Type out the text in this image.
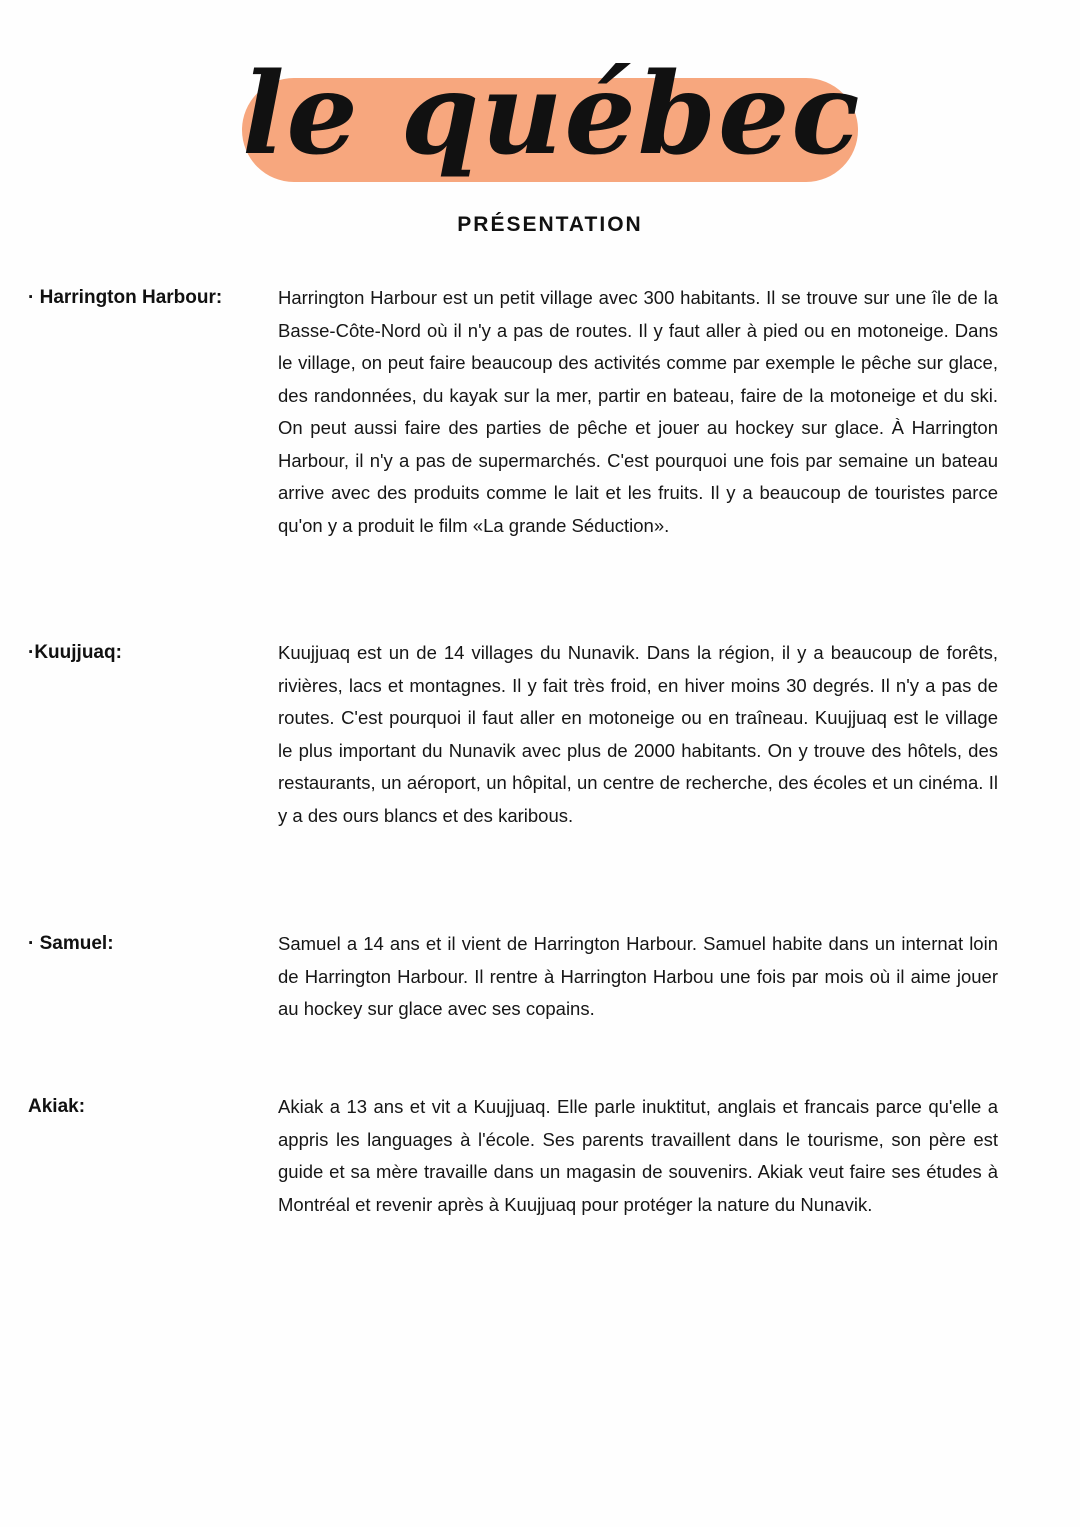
le québec
PRÉSENTATION
· Harrington Harbour:	Harrington Harbour est un petit village avec 300 habitants. Il se trouve sur une île de la Basse-Côte-Nord où il n'y a pas de routes. Il y faut aller à pied ou en motoneige. Dans le village, on peut faire beaucoup des activités comme par exemple le pêche sur glace, des randonnées, du kayak sur la mer, partir en bateau, faire de la motoneige et du ski. On peut aussi faire des parties de pêche et jouer au hockey sur glace. À Harrington Harbour, il n'y a pas de supermarchés. C'est pourquoi une fois par semaine un bateau arrive avec des produits comme le lait et les fruits. Il y a beaucoup de touristes parce qu'on y a produit le film «La grande Séduction».

·Kuujjuaq:	Kuujjuaq est un de 14 villages du Nunavik. Dans la région, il y a beaucoup de forêts, rivières, lacs et montagnes. Il y fait très froid, en hiver moins 30 degrés. Il n'y a pas de routes. C'est pourquoi il faut aller en motoneige ou en traîneau. Kuujjuaq est le village le plus important du Nunavik avec plus de 2000 habitants. On y trouve des hôtels, des restaurants, un aéroport, un hôpital, un centre de recherche, des écoles et un cinéma. Il y a des ours blancs et des karibous.

· Samuel:	Samuel a 14 ans et il vient de Harrington Harbour. Samuel habite dans un internat loin de Harrington Harbour. Il rentre à Harrington Harbou une fois par mois où il aime jouer au hockey sur glace avec ses copains.

Akiak:	Akiak a 13 ans et vit a Kuujjuaq. Elle parle inuktitut, anglais et francais parce qu'elle a appris les languages à l'école. Ses parents travaillent dans le tourisme, son père est guide et sa mère travaille dans un magasin de souvenirs. Akiak veut faire ses études à Montréal et revenir après à Kuujjuaq pour protéger la nature du Nunavik.
